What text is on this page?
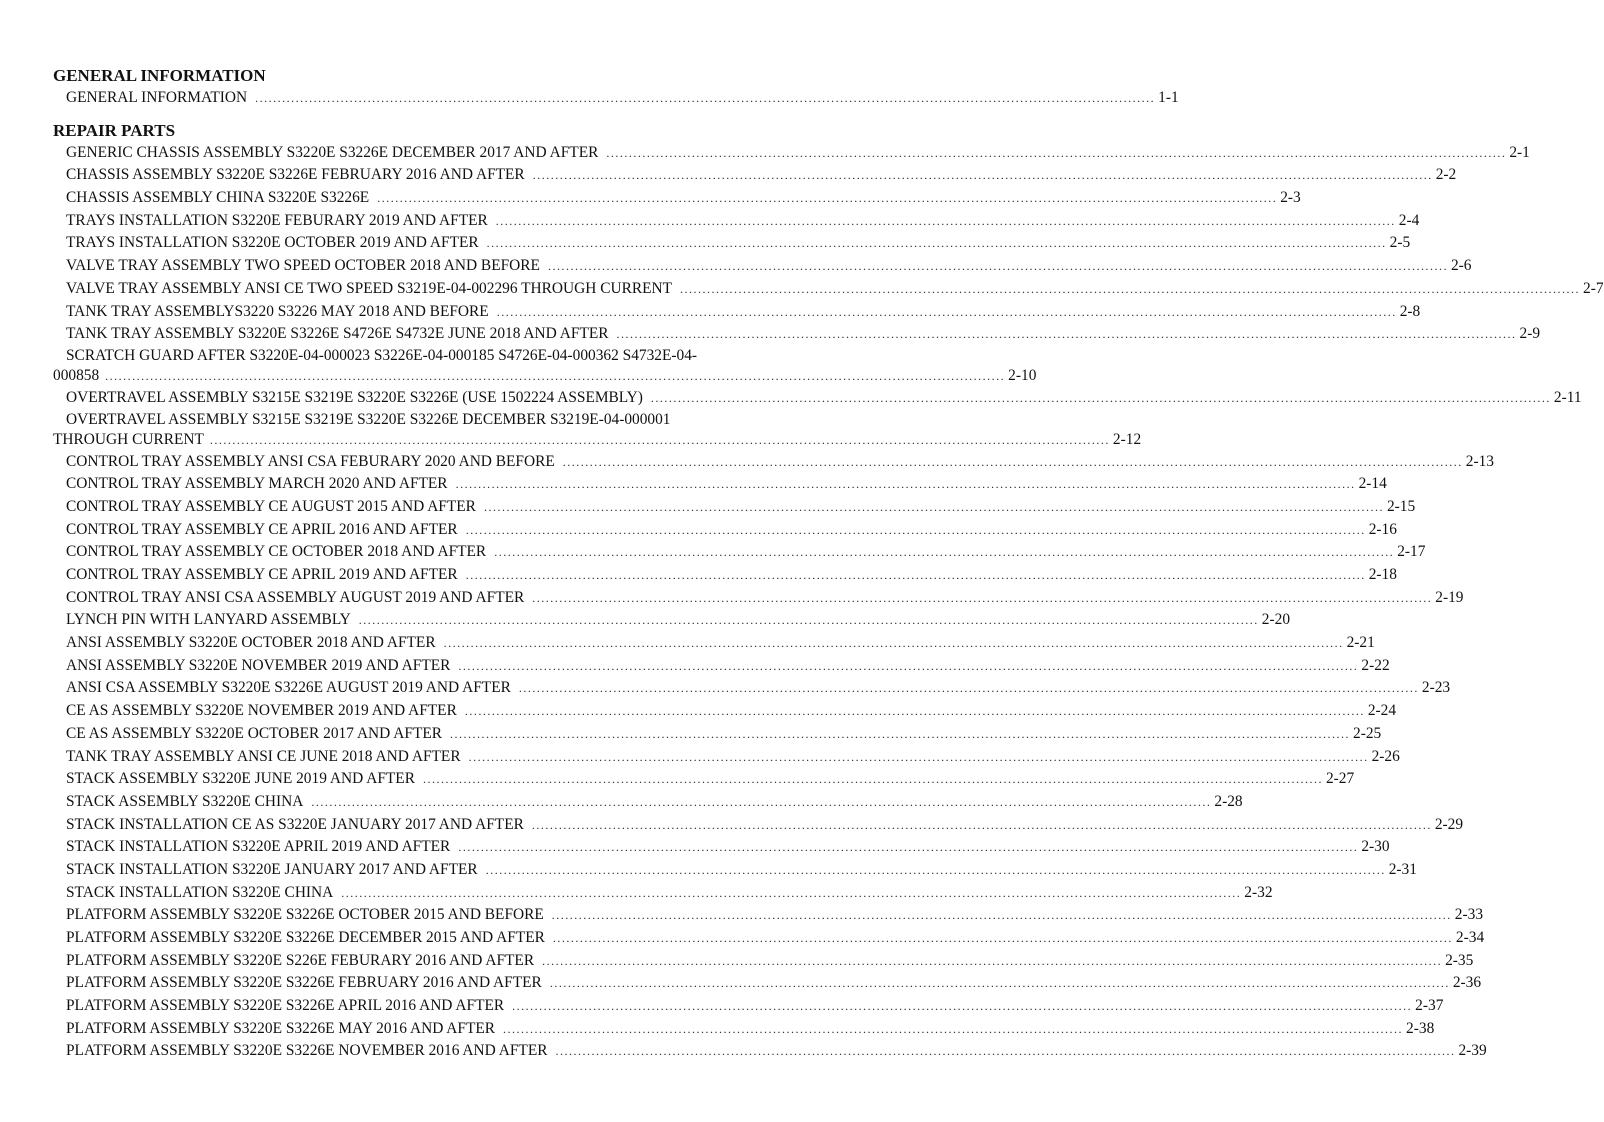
GENERAL INFORMATION
GENERAL INFORMATION ........................................................................................................................................................................................................ 1-1
REPAIR PARTS
GENERIC CHASSIS ASSEMBLY S3220E S3226E DECEMBER 2017 AND AFTER ........................................................................................................................................................................................................ 2-1
CHASSIS ASSEMBLY S3220E S3226E FEBRUARY 2016 AND AFTER ........................................................................................................................................................................................................ 2-2
CHASSIS ASSEMBLY CHINA S3220E S3226E ........................................................................................................................................................................................................ 2-3
TRAYS INSTALLATION S3220E FEBURARY 2019 AND AFTER ........................................................................................................................................................................................................ 2-4
TRAYS INSTALLATION S3220E OCTOBER 2019 AND AFTER ........................................................................................................................................................................................................ 2-5
VALVE TRAY ASSEMBLY TWO SPEED OCTOBER 2018 AND BEFORE ........................................................................................................................................................................................................ 2-6
VALVE TRAY ASSEMBLY ANSI CE TWO SPEED S3219E-04-002296 THROUGH CURRENT ........................................................................................................................................................................................................ 2-7
TANK TRAY ASSEMBLYS3220 S3226 MAY 2018 AND BEFORE ........................................................................................................................................................................................................ 2-8
TANK TRAY ASSEMBLY S3220E S3226E S4726E S4732E JUNE 2018 AND AFTER ........................................................................................................................................................................................................ 2-9
SCRATCH GUARD AFTER S3220E-04-000023 S3226E-04-000185 S4726E-04-000362 S4732E-04-
000858 ........................................................................................................................................................................................................ 2-10
OVERTRAVEL ASSEMBLY S3215E S3219E S3220E S3226E (USE 1502224 ASSEMBLY) ........................................................................................................................................................................................................ 2-11
OVERTRAVEL ASSEMBLY S3215E S3219E S3220E S3226E DECEMBER S3219E-04-000001
THROUGH CURRENT ........................................................................................................................................................................................................ 2-12
CONTROL TRAY ASSEMBLY ANSI CSA FEBURARY 2020 AND BEFORE ........................................................................................................................................................................................................ 2-13
CONTROL TRAY ASSEMBLY MARCH 2020 AND AFTER ........................................................................................................................................................................................................ 2-14
CONTROL TRAY ASSEMBLY CE AUGUST 2015 AND AFTER ........................................................................................................................................................................................................ 2-15
CONTROL TRAY ASSEMBLY CE APRIL 2016 AND AFTER ........................................................................................................................................................................................................ 2-16
CONTROL TRAY ASSEMBLY CE OCTOBER 2018 AND AFTER ........................................................................................................................................................................................................ 2-17
CONTROL TRAY ASSEMBLY CE APRIL 2019 AND AFTER ........................................................................................................................................................................................................ 2-18
CONTROL TRAY ANSI CSA ASSEMBLY AUGUST 2019 AND AFTER ........................................................................................................................................................................................................ 2-19
LYNCH PIN WITH LANYARD ASSEMBLY ........................................................................................................................................................................................................ 2-20
ANSI ASSEMBLY S3220E OCTOBER 2018 AND AFTER ........................................................................................................................................................................................................ 2-21
ANSI ASSEMBLY S3220E NOVEMBER 2019 AND AFTER ........................................................................................................................................................................................................ 2-22
ANSI CSA ASSEMBLY S3220E S3226E AUGUST 2019 AND AFTER ........................................................................................................................................................................................................ 2-23
CE AS ASSEMBLY S3220E NOVEMBER 2019 AND AFTER ........................................................................................................................................................................................................ 2-24
CE AS ASSEMBLY S3220E OCTOBER 2017 AND AFTER ........................................................................................................................................................................................................ 2-25
TANK TRAY ASSEMBLY ANSI CE JUNE 2018 AND AFTER ........................................................................................................................................................................................................ 2-26
STACK ASSEMBLY S3220E JUNE 2019 AND AFTER ........................................................................................................................................................................................................ 2-27
STACK ASSEMBLY S3220E CHINA ........................................................................................................................................................................................................ 2-28
STACK INSTALLATION CE AS S3220E JANUARY 2017 AND AFTER ........................................................................................................................................................................................................ 2-29
STACK INSTALLATION S3220E APRIL 2019 AND AFTER ........................................................................................................................................................................................................ 2-30
STACK INSTALLATION S3220E JANUARY 2017 AND AFTER ........................................................................................................................................................................................................ 2-31
STACK INSTALLATION S3220E CHINA ........................................................................................................................................................................................................ 2-32
PLATFORM ASSEMBLY S3220E S3226E OCTOBER 2015 AND BEFORE ........................................................................................................................................................................................................ 2-33
PLATFORM ASSEMBLY S3220E S3226E DECEMBER 2015 AND AFTER ........................................................................................................................................................................................................ 2-34
PLATFORM ASSEMBLY S3220E S226E FEBURARY 2016 AND AFTER ........................................................................................................................................................................................................ 2-35
PLATFORM ASSEMBLY S3220E S3226E FEBRUARY 2016 AND AFTER ........................................................................................................................................................................................................ 2-36
PLATFORM ASSEMBLY S3220E S3226E APRIL 2016 AND AFTER ........................................................................................................................................................................................................ 2-37
PLATFORM ASSEMBLY S3220E S3226E MAY 2016 AND AFTER ........................................................................................................................................................................................................ 2-38
PLATFORM ASSEMBLY S3220E S3226E NOVEMBER 2016 AND AFTER ........................................................................................................................................................................................................ 2-39
